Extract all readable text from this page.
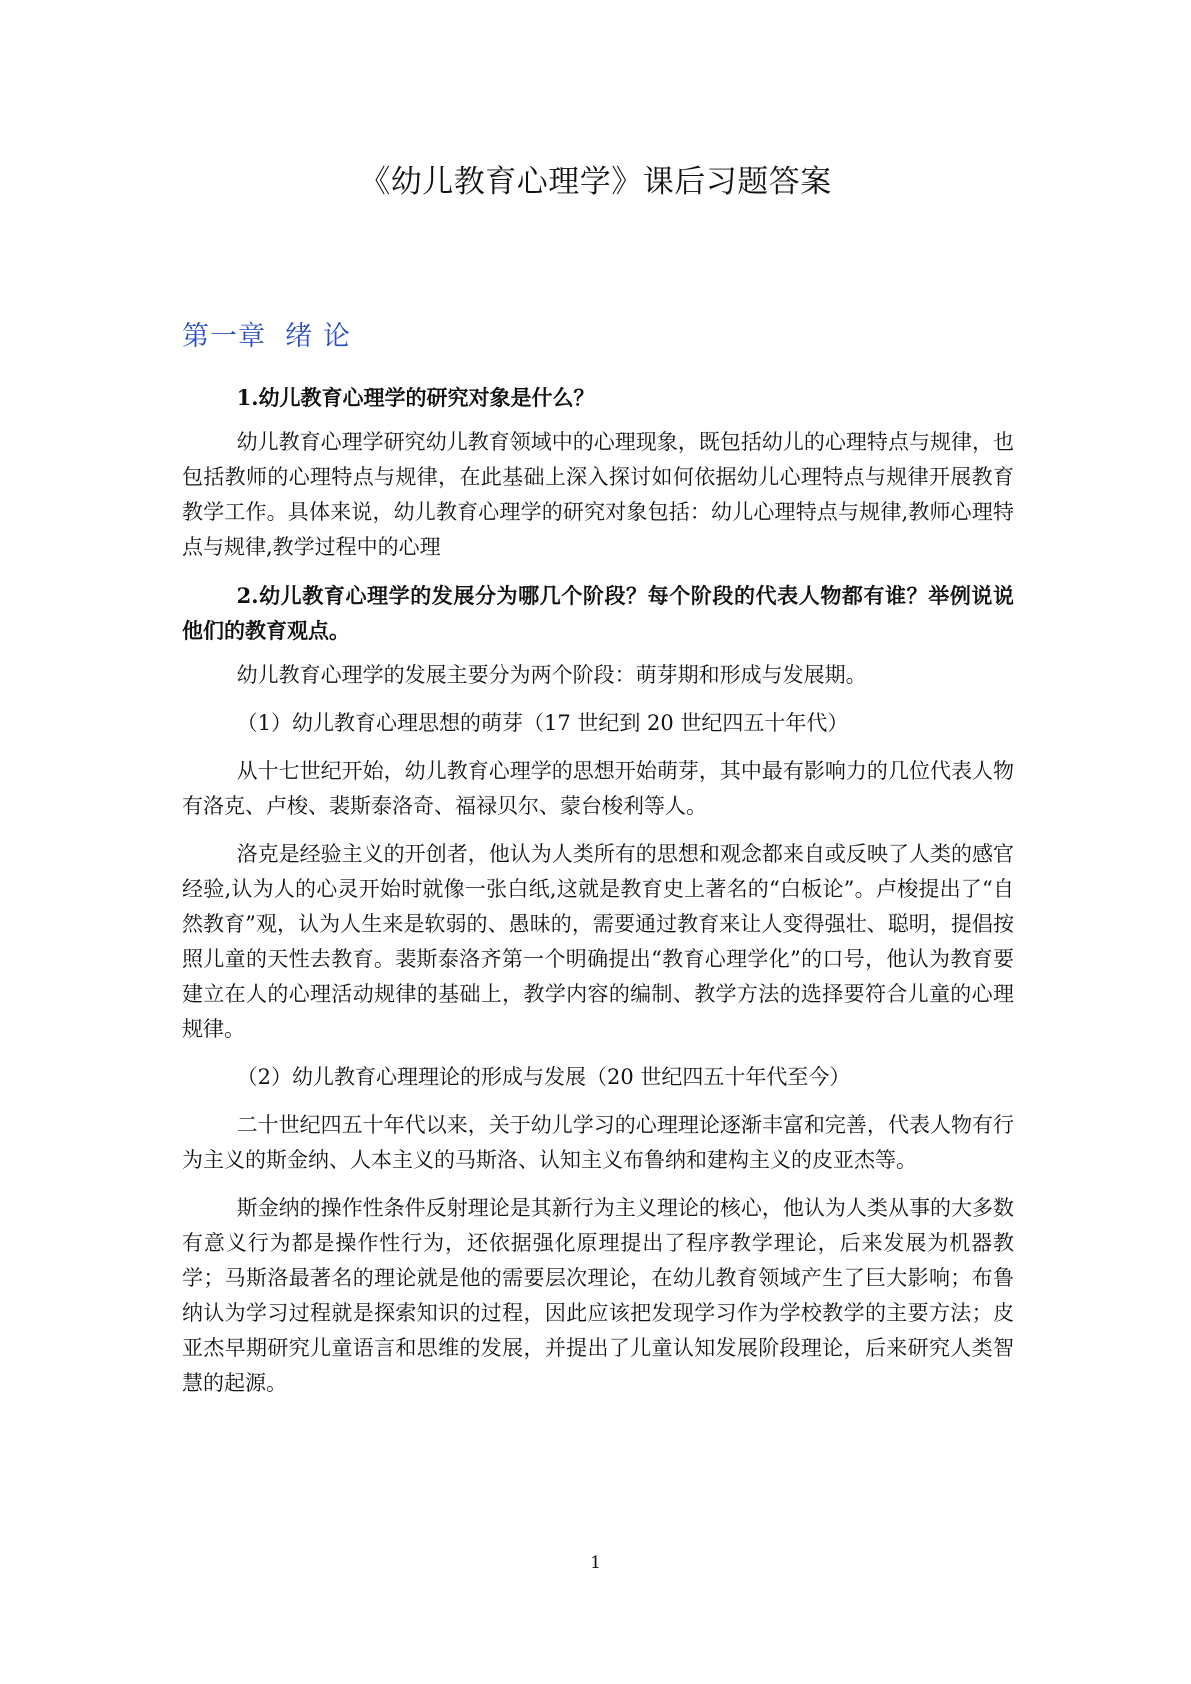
《幼儿教育心理学》课后习题答案
第一章  绪 论

1.幼儿教育心理学的研究对象是什么？

幼儿教育心理学研究幼儿教育领域中的心理现象，既包括幼儿的心理特点与规律，也包括教师的心理特点与规律，在此基础上深入探讨如何依据幼儿心理特点与规律开展教育教学工作。具体来说，幼儿教育心理学的研究对象包括：幼儿心理特点与规律,教师心理特点与规律,教学过程中的心理

2.幼儿教育心理学的发展分为哪几个阶段？每个阶段的代表人物都有谁？举例说说他们的教育观点。

幼儿教育心理学的发展主要分为两个阶段：萌芽期和形成与发展期。

（1）幼儿教育心理思想的萌芽（17 世纪到 20 世纪四五十年代）

从十七世纪开始，幼儿教育心理学的思想开始萌芽，其中最有影响力的几位代表人物有洛克、卢梭、裴斯泰洛奇、福禄贝尔、蒙台梭利等人。

洛克是经验主义的开创者，他认为人类所有的思想和观念都来自或反映了人类的感官经验,认为人的心灵开始时就像一张白纸,这就是教育史上著名的“白板论”。卢梭提出了“自然教育”观，认为人生来是软弱的、愚昧的，需要通过教育来让人变得强壮、聪明，提倡按照儿童的天性去教育。裴斯泰洛齐第一个明确提出“教育心理学化”的口号，他认为教育要建立在人的心理活动规律的基础上，教学内容的编制、教学方法的选择要符合儿童的心理规律。

（2）幼儿教育心理理论的形成与发展（20 世纪四五十年代至今）

二十世纪四五十年代以来，关于幼儿学习的心理理论逐渐丰富和完善，代表人物有行为主义的斯金纳、人本主义的马斯洛、认知主义布鲁纳和建构主义的皮亚杰等。

斯金纳的操作性条件反射理论是其新行为主义理论的核心，他认为人类从事的大多数有意义行为都是操作性行为，还依据强化原理提出了程序教学理论，后来发展为机器教学；马斯洛最著名的理论就是他的需要层次理论，在幼儿教育领域产生了巨大影响；布鲁纳认为学习过程就是探索知识的过程，因此应该把发现学习作为学校教学的主要方法；皮亚杰早期研究儿童语言和思维的发展，并提出了儿童认知发展阶段理论，后来研究人类智慧的起源。

1
